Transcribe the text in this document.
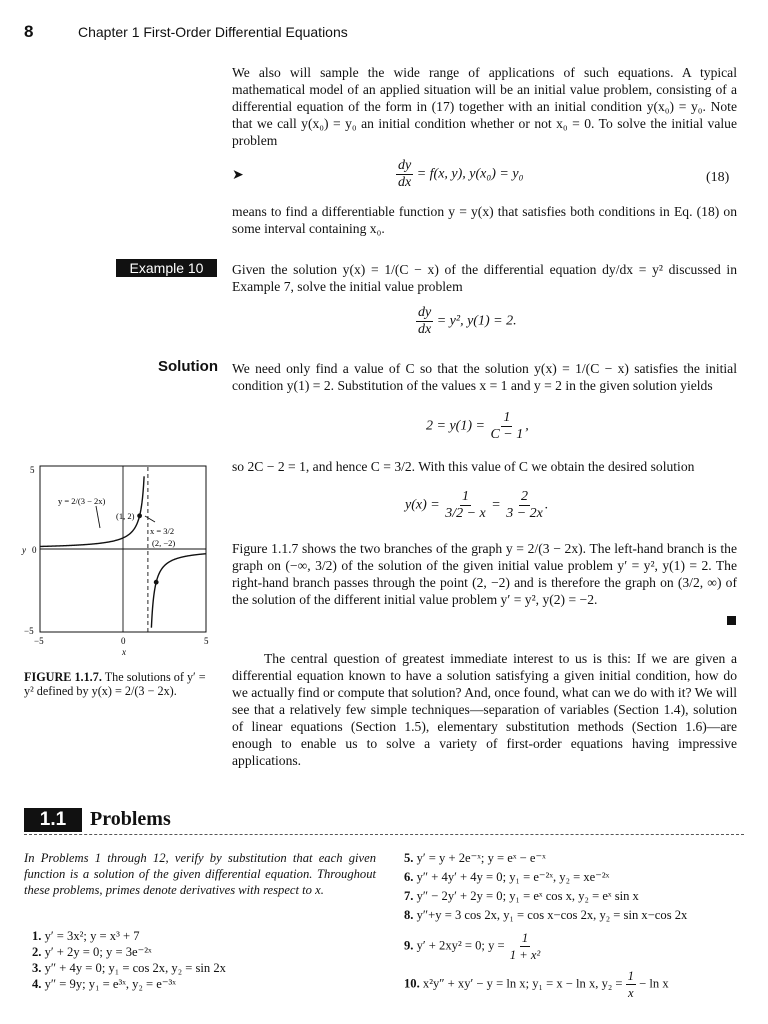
8	Chapter 1 First-Order Differential Equations
We also will sample the wide range of applications of such equations. A typical mathematical model of an applied situation will be an initial value problem, consisting of a differential equation of the form in (17) together with an initial condition y(x₀) = y₀. Note that we call y(x₀) = y₀ an initial condition whether or not x₀ = 0. To solve the initial value problem
➤	$\frac{dy}{dx} = f(x$, y), y(x₀) = y₀	(18)
means to find a differentiable function y = y(x) that satisfies both conditions in Eq. (18) on some interval containing x₀.
Example 10	Given the solution y(x) = 1/(C − x) of the differential equation dy/dx = y² discussed in Example 7, solve the initial value problem
$\frac{dy}{dx} = y^2$, y(1) = 2.
Solution We need only find a value of C so that the solution y(x) = 1/(C − x) satisfies the initial condition y(1) = 2. Substitution of the values x = 1 and y = 2 in the given solution yields
$2 = y(1) = \frac{1}{C - 1}$ ,
so 2C − 2 = 1, and hence C = 3/2. With this value of C we obtain the desired solution
$y(x) = \frac{1}{3/2 - x} = \frac{2}{3 - 2x}$ .
Figure 1.1.7 shows the two branches of the graph y = 2/(3 − 2x). The left-hand branch is the graph on (−∞, 3/2) of the solution of the given initial value problem y′ = y², y(1) = 2. The right-hand branch passes through the point (2, −2) and is therefore the graph on (3/2, ∞) of the solution of the different initial value problem y′ = y², y(2) = −2.
The central question of greatest immediate interest to us is this: If we are given a differential equation known to have a solution satisfying a given initial condition, how do we actually find or compute that solution? And, once found, what can we do with it? We will see that a relatively few simple techniques—separation of variables (Section 1.4), solution of linear equations (Section 1.5), elementary substitution methods (Section 1.6)—are enough to enable us to solve a variety of first-order equations having impressive applications.
y = 2/(3 − 2x)
(1, 2)
(2, −2)
x = 3/2
5
0
−5
y
−5	0	5
x
FIGURE 1.1.7. The solutions of y′ = y² defined by y(x) = 2/(3 − 2x).
1.1	Problems
In Problems 1 through 12, verify by substitution that each given function is a solution of the given differential equation. Throughout these problems, primes denote derivatives with respect to x.
1. y′ = 3x²; y = x³ + 7
2. y′ + 2y = 0; y = 3e⁻²ˣ
3. y″ + 4y = 0; y₁ = cos 2x, y₂ = sin 2x
4. y″ = 9y; y₁ = e³ˣ, y₂ = e⁻³ˣ
5. y′ = y + 2e⁻ˣ; y = eˣ − e⁻ˣ
6. y″ + 4y′ + 4y = 0; y₁ = e⁻²ˣ, y₂ = xe⁻²ˣ
7. y″ − 2y′ + 2y = 0; y₁ = eˣ cos x, y₂ = eˣ sin x
8. y″+y = 3 cos 2x, y₁ = cos x−cos 2x, y₂ = sin x−cos 2x
9. y′ + 2xy² = 0; $y = \frac{1}{\text{1 + x²}}$
10. x²y″ + xy′ − y = ln x; y₁ = x − ln x, $y_2 = \frac{1}{x} - \ln x$
